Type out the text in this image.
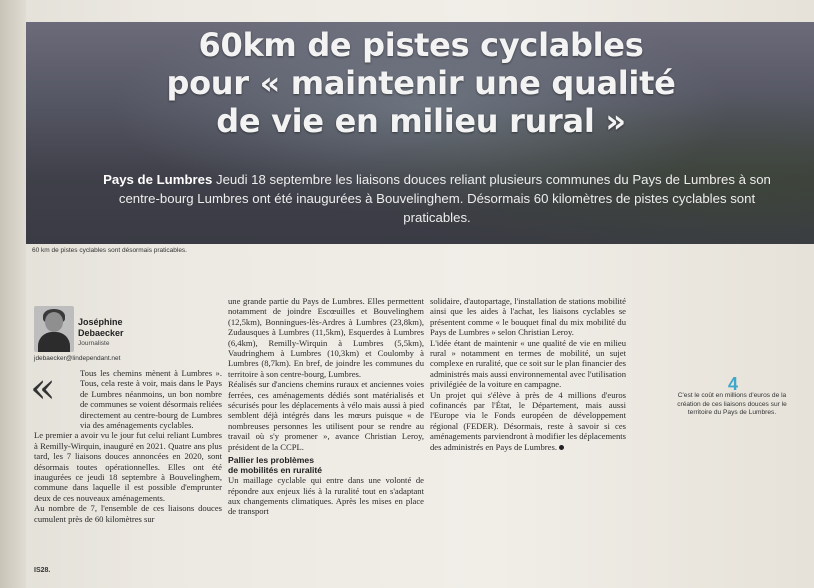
60km de pistes cyclables
pour « maintenir une qualité
de vie en milieu rural »
Pays de Lumbres Jeudi 18 septembre les liaisons douces reliant plusieurs communes du Pays de Lumbres à son centre-bourg Lumbres ont été inaugurées à Bouvelinghem. Désormais 60 kilomètres de pistes cyclables sont praticables.
60 km de pistes cyclables sont désormais praticables.
Joséphine
Debaecker
Journaliste
jdebaecker@lindependant.net
«	Tous les chemins mènent à Lumbres ». Tous, cela reste à voir, mais dans le Pays de Lumbres néanmoins, un bon nombre de communes se voient désormais reliées directement au centre-bourg de Lumbres via des aménagements cyclables.

Le premier a avoir vu le jour fut celui reliant Lumbres à Remilly-Wirquin, inauguré en 2021. Quatre ans plus tard, les 7 liaisons douces annoncées en 2020, sont désormais toutes opérationnelles. Elles ont été inaugurées ce jeudi 18 septembre à Bouvelinghem, commune dans laquelle il est possible d'emprunter deux de ces nouveaux aménagements.

Au nombre de 7, l'ensemble de ces liaisons douces cumulent près de 60 kilomètres sur

une grande partie du Pays de Lumbres. Elles permettent notamment de joindre Escœuilles et Bouvelinghem (12,5km), Bonningues-lès-Ardres à Lumbres (23,8km), Zudausques à Lumbres (11,5km), Esquerdes à Lumbres (6,4km), Remilly-Wirquin à Lumbres (5,5km), Vaudringhem à Lumbres (10,3km) et Coulomby à Lumbres (8,7km). En bref, de joindre les communes du territoire à son centre-bourg, Lumbres.

Réalisés sur d'anciens chemins ruraux et anciennes voies ferrées, ces aménagements dédiés sont matérialisés et sécurisés pour les déplacements à vélo mais aussi à pied semblent déjà intégrés dans les mœurs puisque « de nombreuses personnes les utilisent pour se rendre au travail où s'y promener », avance Christian Leroy, président de la CCPL.

Pallier les problèmes
de mobilités en ruralité

Un maillage cyclable qui entre dans une volonté de répondre aux enjeux liés à la ruralité tout en s'adaptant aux changements climatiques. Après les mises en place de transport

solidaire, d'autopartage, l'installation de stations mobilité ainsi que les aides à l'achat, les liaisons cyclables se présentent comme « le bouquet final du mix mobilité du Pays de Lumbres » selon Christian Leroy.

L'idée étant de maintenir « une qualité de vie en milieu rural » notamment en termes de mobilité, un sujet complexe en ruralité, que ce soit sur le plan financier des administrés mais aussi environnemental avec l'utilisation privilégiée de la voiture en campagne.

Un projet qui s'élève à près de 4 millions d'euros cofinancés par l'État, le Département, mais aussi l'Europe via le Fonds européen de développement régional (FEDER). Désormais, reste à savoir si ces aménagements parviendront à modifier les déplacements des administrés en Pays de Lumbres.

4
C'est le coût en millions d'euros de la création de ces liaisons douces sur le territoire du Pays de Lumbres.
IS28.
